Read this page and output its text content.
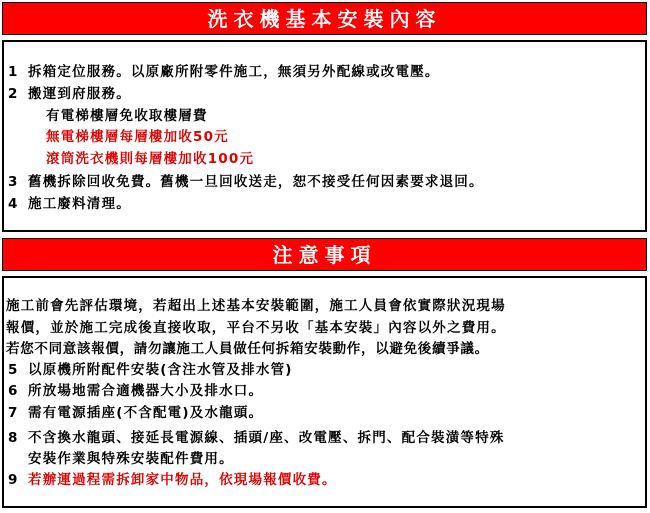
洗衣機基本安裝內容
1 拆箱定位服務。以原廠所附零件施工，無須另外配線或改電壓。
2 搬運到府服務。
有電梯樓層免收取樓層費
無電梯樓層每層樓加收50元
滾筒洗衣機則每層樓加收100元
3 舊機拆除回收免費。舊機一旦回收送走，恕不接受任何因素要求退回。
4 施工廢料清理。
注意事項
施工前會先評估環境，若超出上述基本安裝範圍，施工人員會依實際狀況現場
報價，並於施工完成後直接收取，平台不另收「基本安裝」內容以外之費用。
若您不同意該報價，請勿讓施工人員做任何拆箱安裝動作，以避免後續爭議。
5 以原機所附配件安裝(含注水管及排水管)
6 所放場地需合適機器大小及排水口。
7 需有電源插座(不含配電)及水龍頭。
8 不含換水龍頭、接延長電源線、插頭/座、改電壓、拆門、配合裝潢等特殊
安裝作業與特殊安裝配件費用。
9 若辦運過程需拆卸家中物品，依現場報價收費。
